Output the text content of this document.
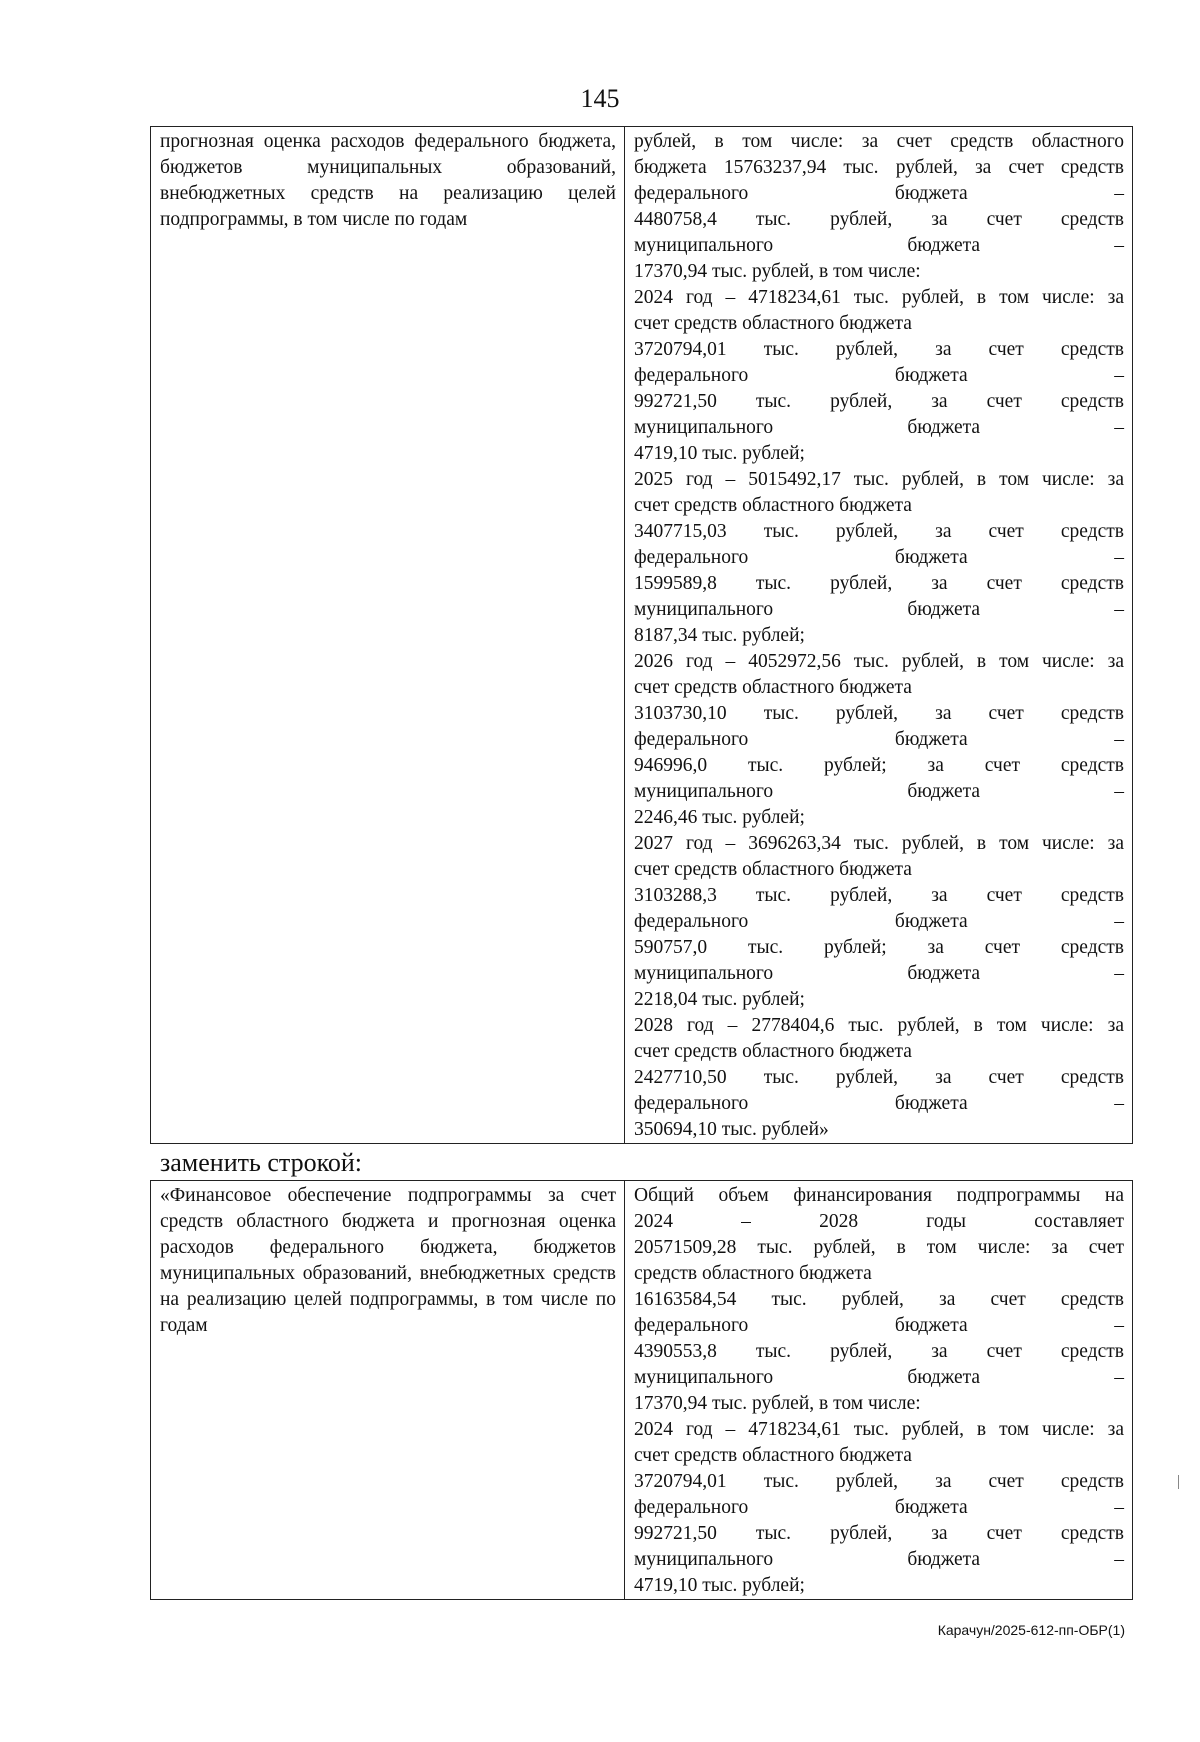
145
прогнозная оценка расходов федерального бюджета, бюджетов муниципальных образований, внебюджетных средств на реализацию целей подпрограммы, в том числе по годам

рублей, в том числе: за счет средств областного
бюджета 15763237,94 тыс. рублей, за счет средств
федерального бюджета –
4480758,4 тыс. рублей, за счет средств
муниципального бюджета –
17370,94 тыс. рублей, в том числе:
2024 год – 4718234,61 тыс. рублей, в том числе: за
счет средств областного бюджета
3720794,01 тыс. рублей, за счет средств
федерального бюджета –
992721,50 тыс. рублей, за счет средств
муниципального бюджета –
4719,10 тыс. рублей;
2025 год – 5015492,17 тыс. рублей, в том числе: за
счет средств областного бюджета
3407715,03 тыс. рублей, за счет средств
федерального бюджета –
1599589,8 тыс. рублей, за счет средств
муниципального бюджета –
8187,34 тыс. рублей;
2026 год – 4052972,56 тыс. рублей, в том числе: за
счет средств областного бюджета
3103730,10 тыс. рублей, за счет средств
федерального бюджета –
946996,0 тыс. рублей; за счет средств
муниципального бюджета –
2246,46 тыс. рублей;
2027 год – 3696263,34 тыс. рублей, в том числе: за
счет средств областного бюджета
3103288,3 тыс. рублей, за счет средств
федерального бюджета –
590757,0 тыс. рублей; за счет средств
муниципального бюджета –
2218,04 тыс. рублей;
2028 год – 2778404,6 тыс. рублей, в том числе: за
счет средств областного бюджета
2427710,50 тыс. рублей, за счет средств
федерального бюджета –
350694,10 тыс. рублей»
заменить строкой:
«Финансовое обеспечение подпрограммы за счет средств областного бюджета и прогнозная оценка расходов федерального бюджета, бюджетов муниципальных образований, внебюджетных средств на реализацию целей подпрограммы, в том числе по годам

Общий объем финансирования подпрограммы на
2024 – 2028 годы составляет
20571509,28 тыс. рублей, в том числе: за счет
средств областного бюджета
16163584,54 тыс. рублей, за счет средств
федерального бюджета –
4390553,8 тыс. рублей, за счет средств
муниципального бюджета –
17370,94 тыс. рублей, в том числе:
2024 год – 4718234,61 тыс. рублей, в том числе: за
счет средств областного бюджета
3720794,01 тыс. рублей, за счет средств
федерального бюджета –
992721,50 тыс. рублей, за счет средств
муниципального бюджета –
4719,10 тыс. рублей;
Карачун/2025-612-пп-ОБР(1)
